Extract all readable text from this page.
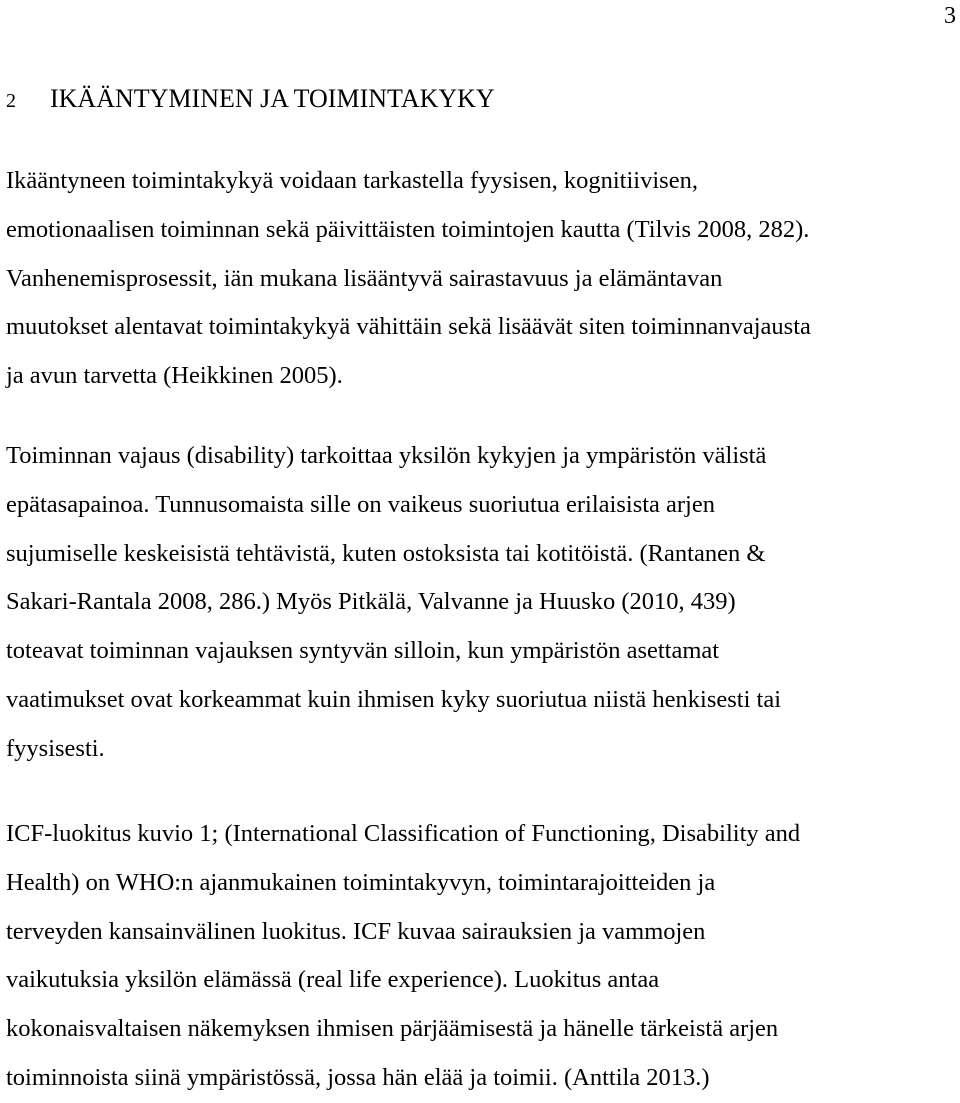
3
2 IKÄÄNTYMINEN JA TOIMINTAKYKY
Ikääntyneen toimintakykyä voidaan tarkastella fyysisen, kognitiivisen,
emotionaalisen toiminnan sekä päivittäisten toimintojen kautta (Tilvis 2008, 282).
Vanhenemisprosessit, iän mukana lisääntyvä sairastavuus ja elämäntavan
muutokset alentavat toimintakykyä vähittäin sekä lisäävät siten toiminnanvajausta
ja avun tarvetta (Heikkinen 2005).
Toiminnan vajaus (disability) tarkoittaa yksilön kykyjen ja ympäristön välistä
epätasapainoa. Tunnusomaista sille on vaikeus suoriutua erilaisista arjen
sujumiselle keskeisistä tehtävistä, kuten ostoksista tai kotitöistä. (Rantanen &
Sakari-Rantala 2008, 286.) Myös Pitkälä, Valvanne ja Huusko (2010, 439)
toteavat toiminnan vajauksen syntyvän silloin, kun ympäristön asettamat
vaatimukset ovat korkeammat kuin ihmisen kyky suoriutua niistä henkisesti tai
fyysisesti.
ICF-luokitus kuvio 1; (International Classification of Functioning, Disability and
Health) on WHO:n ajanmukainen toimintakyvyn, toimintarajoitteiden ja
terveyden kansainvälinen luokitus. ICF kuvaa sairauksien ja vammojen
vaikutuksia yksilön elämässä (real life experience). Luokitus antaa
kokonaisvaltaisen näkemyksen ihmisen pärjäämisestä ja hänelle tärkeistä arjen
toiminnoista siinä ympäristössä, jossa hän elää ja toimii. (Anttila 2013.)
